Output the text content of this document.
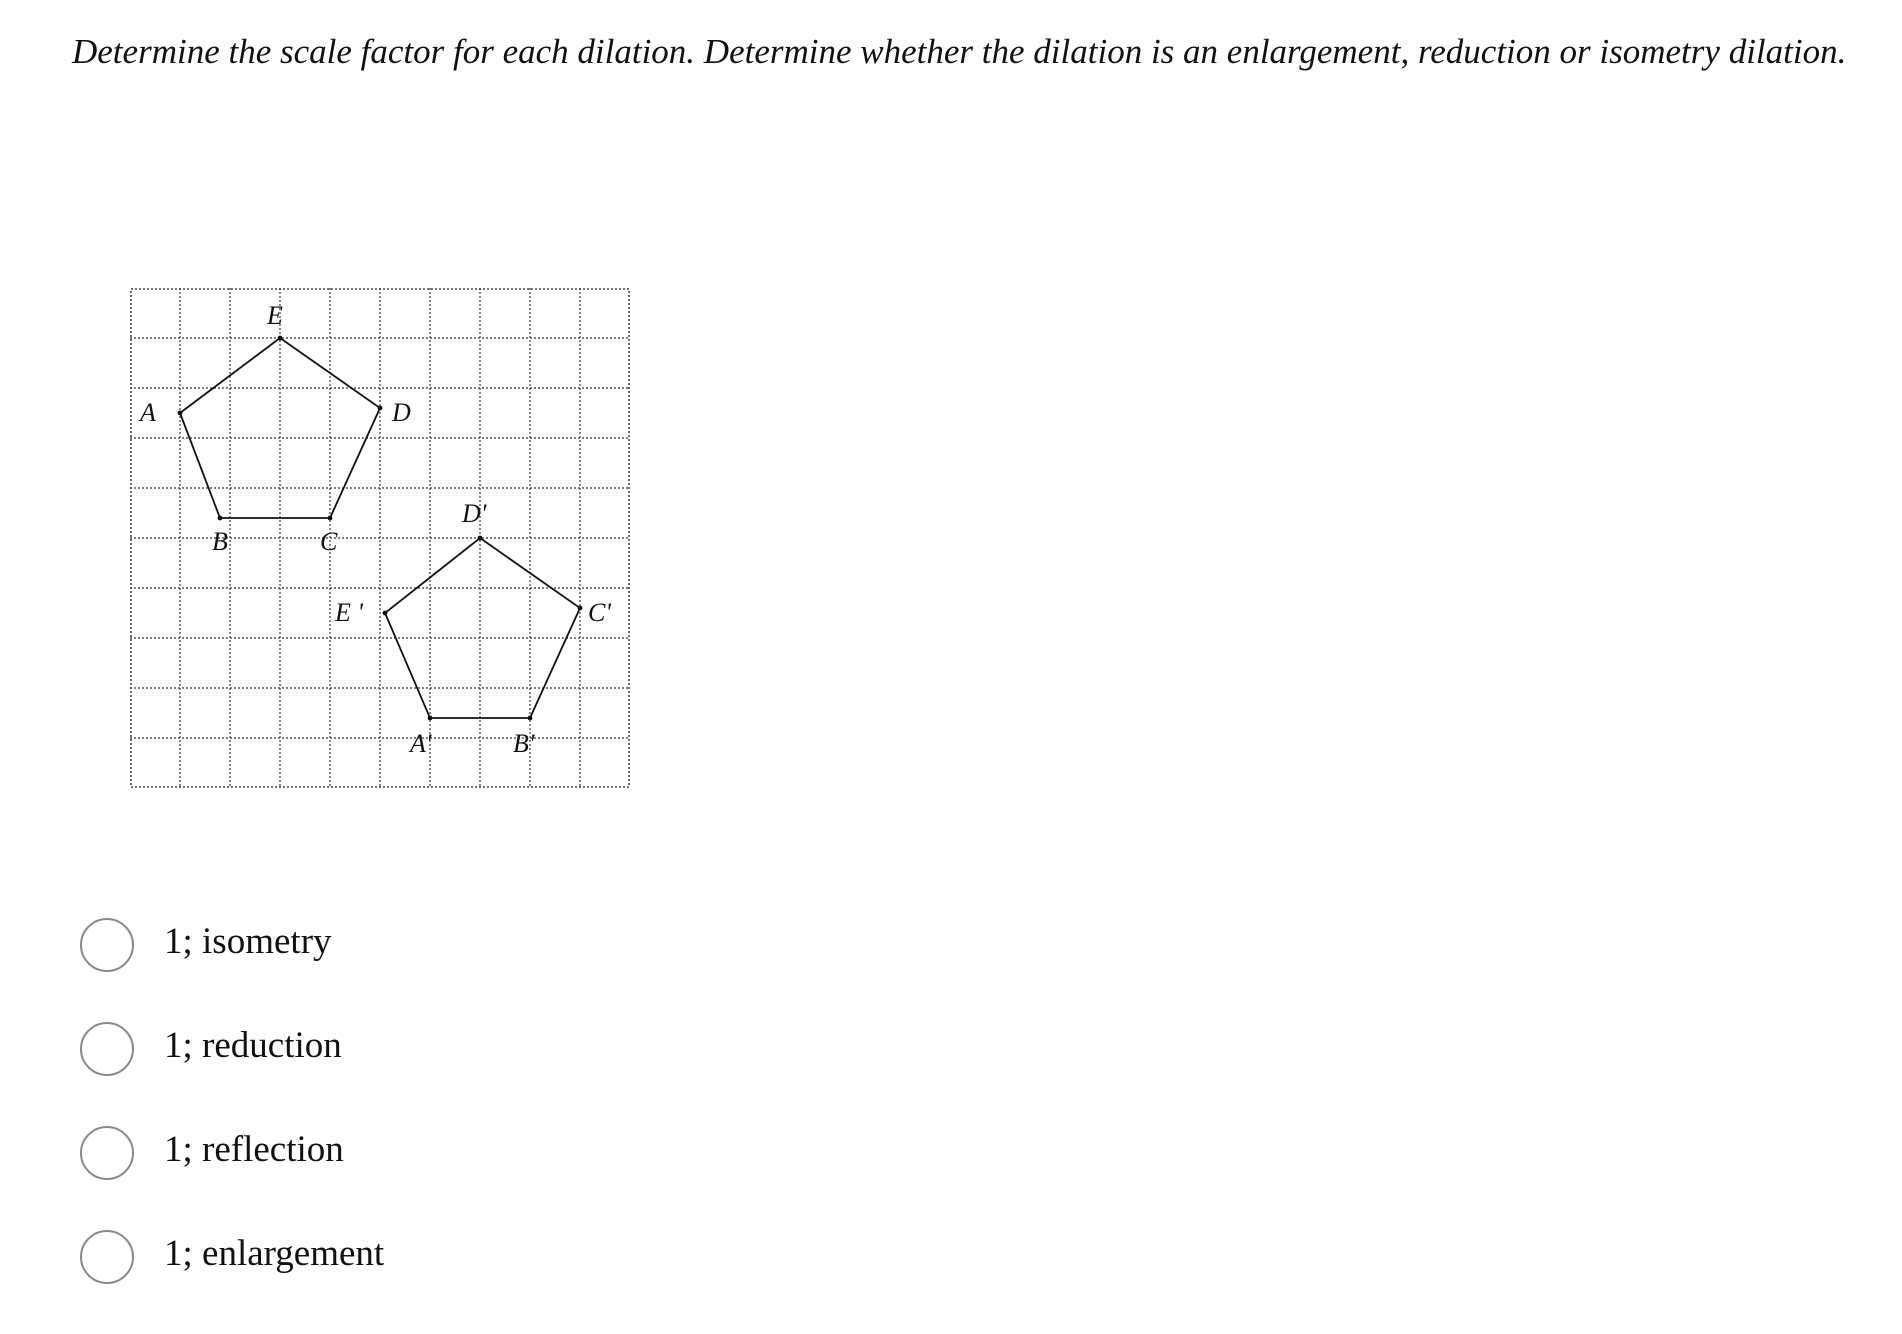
Determine the scale factor for each dilation. Determine whether the dilation is an enlargement, reduction or isometry dilation.

A
B	C
D
E
A'	B'
C'
D'
E '
1; isometry
1; reduction
1; reflection
1; enlargement
